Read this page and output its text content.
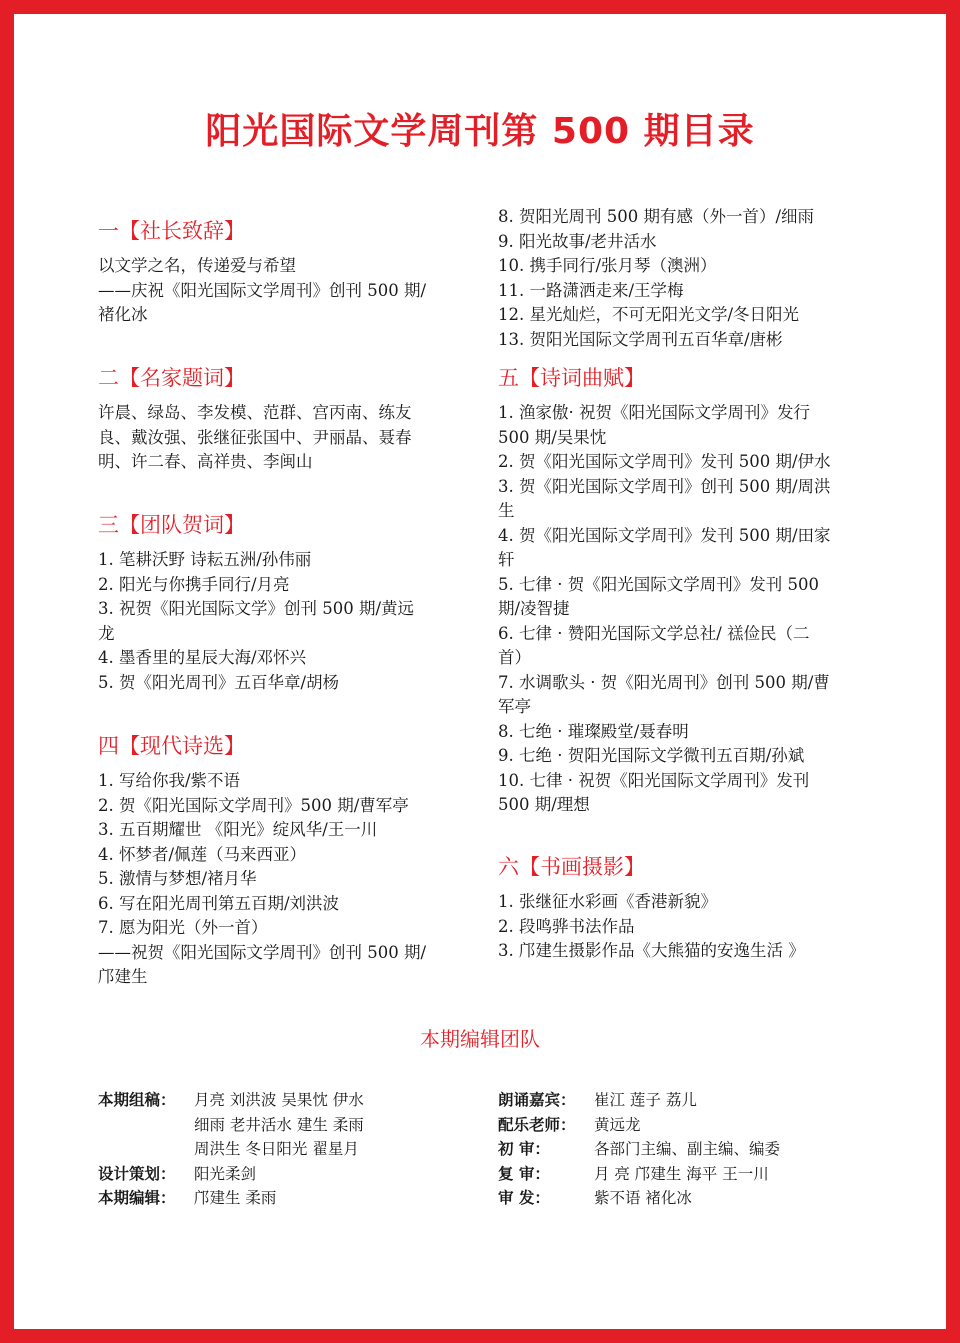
阳光国际文学周刊第 500 期目录
一【社长致辞】
以文学之名，传递爱与希望
——庆祝《阳光国际文学周刊》创刊 500 期/
褚化冰
二【名家题词】
许晨、绿岛、李发模、范群、宫丙南、练友
良、戴汝强、张继征张国中、尹丽晶、聂春
明、许二春、高祥贵、李闽山
三【团队贺词】
1. 笔耕沃野 诗耘五洲/孙伟丽
2. 阳光与你携手同行/月亮
3. 祝贺《阳光国际文学》创刊 500 期/黄远
龙
4. 墨香里的星辰大海/邓怀兴
5. 贺《阳光周刊》五百华章/胡杨
四【现代诗选】
1. 写给你我/紫不语
2. 贺《阳光国际文学周刊》500 期/曹军亭
3. 五百期耀世 《阳光》绽风华/王一川
4. 怀梦者/佩莲（马来西亚）
5. 激情与梦想/褚月华
6. 写在阳光周刊第五百期/刘洪波
7. 愿为阳光（外一首）
——祝贺《阳光国际文学周刊》创刊 500 期/
邝建生
8. 贺阳光周刊 500 期有感（外一首）/细雨
9. 阳光故事/老井活水
10. 携手同行/张月琴（澳洲）
11. 一路潇洒走来/王学梅
12. 星光灿烂，不可无阳光文学/冬日阳光
13. 贺阳光国际文学周刊五百华章/唐彬
五【诗词曲赋】
1. 渔家傲· 祝贺《阳光国际文学周刊》发行
500 期/吴果忱
2. 贺《阳光国际文学周刊》发刊 500 期/伊水
3. 贺《阳光国际文学周刊》创刊 500 期/周洪
生
4. 贺《阳光国际文学周刊》发刊 500 期/田家
轩
5. 七律 · 贺《阳光国际文学周刊》发刊 500
期/凌智捷
6. 七律 · 赞阳光国际文学总社/ 禚俭民（二
首）
7. 水调歌头 · 贺《阳光周刊》创刊 500 期/曹
军亭
8. 七绝 · 璀璨殿堂/聂春明
9. 七绝 · 贺阳光国际文学微刊五百期/孙斌
10. 七律 · 祝贺《阳光国际文学周刊》发刊
500 期/理想
六【书画摄影】
1. 张继征水彩画《香港新貌》
2. 段鸣骅书法作品
3. 邝建生摄影作品《大熊猫的安逸生活 》
本期编辑团队
本期组稿：	月亮 刘洪波 吴果忱 伊水
细雨 老井活水 建生 柔雨
周洪生 冬日阳光 翟星月
设计策划：	阳光柔剑
本期编辑：	邝建生 柔雨
朗诵嘉宾：	崔江 莲子 荔儿
配乐老师：	黄远龙
初 审：	各部门主编、副主编、编委
复 审：	月 亮 邝建生 海平 王一川
审 发：	紫不语 褚化冰
